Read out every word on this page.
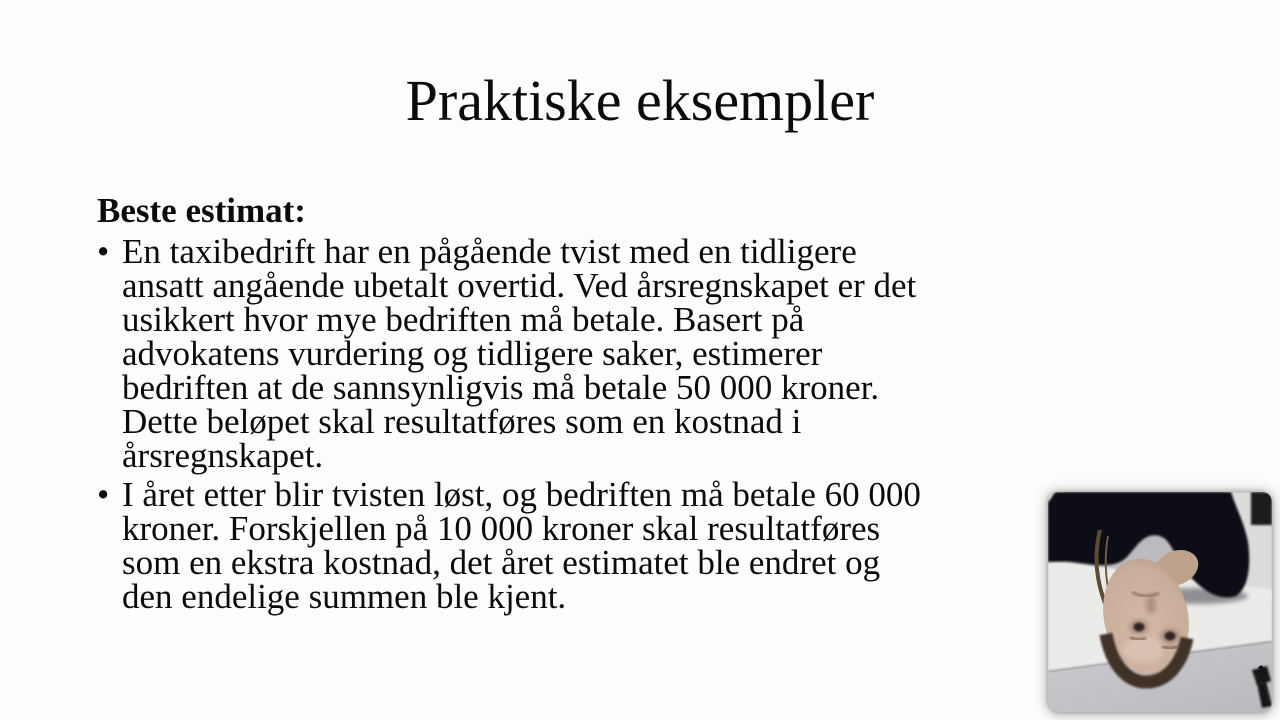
Praktiske eksempler

Beste estimat:

• En taxibedrift har en pågående tvist med en tidligere
ansatt angående ubetalt overtid. Ved årsregnskapet er det
usikkert hvor mye bedriften må betale. Basert på
advokatens vurdering og tidligere saker, estimerer
bedriften at de sannsynligvis må betale 50 000 kroner.
Dette beløpet skal resultatføres som en kostnad i
årsregnskapet.
• I året etter blir tvisten løst, og bedriften må betale 60 000
kroner. Forskjellen på 10 000 kroner skal resultatføres
som en ekstra kostnad, det året estimatet ble endret og
den endelige summen ble kjent.
